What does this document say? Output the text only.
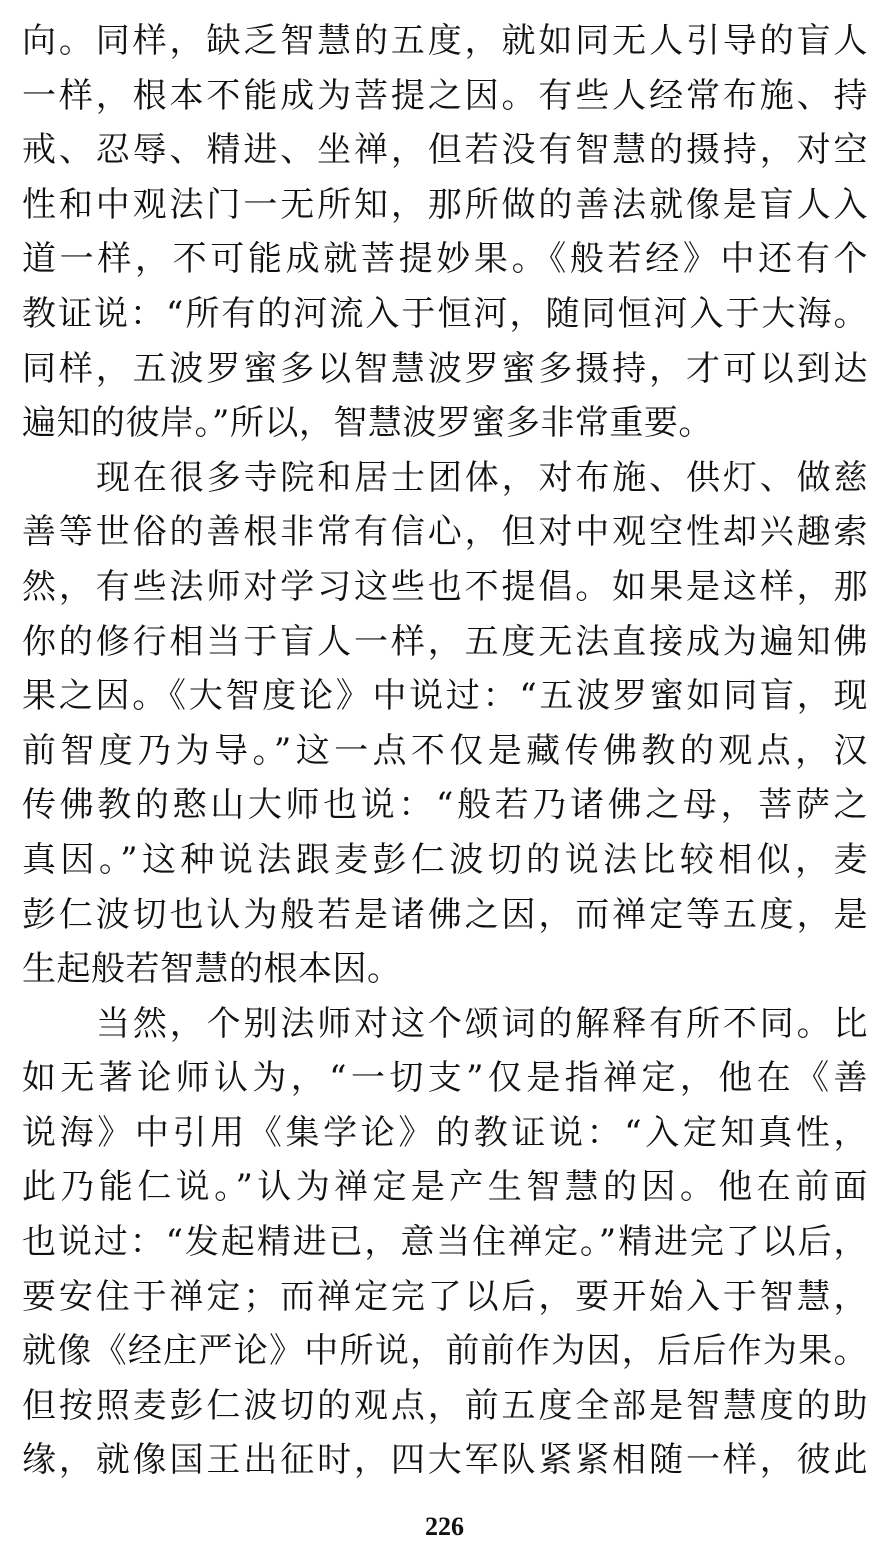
向。同样，缺乏智慧的五度，就如同无人引导的盲人
一样，根本不能成为菩提之因。有些人经常布施、持
戒、忍辱、精进、坐禅，但若没有智慧的摄持，对空
性和中观法门一无所知，那所做的善法就像是盲人入
道一样，不可能成就菩提妙果。《般若经》中还有个
教证说：“所有的河流入于恒河，随同恒河入于大海。
同样，五波罗蜜多以智慧波罗蜜多摄持，才可以到达
遍知的彼岸。”所以，智慧波罗蜜多非常重要。
现在很多寺院和居士团体，对布施、供灯、做慈
善等世俗的善根非常有信心，但对中观空性却兴趣索
然，有些法师对学习这些也不提倡。如果是这样，那
你的修行相当于盲人一样，五度无法直接成为遍知佛
果之因。《大智度论》中说过：“五波罗蜜如同盲，现
前智度乃为导。”这一点不仅是藏传佛教的观点，汉
传佛教的憨山大师也说：“般若乃诸佛之母，菩萨之
真因。”这种说法跟麦彭仁波切的说法比较相似，麦
彭仁波切也认为般若是诸佛之因，而禅定等五度，是
生起般若智慧的根本因。
当然，个别法师对这个颂词的解释有所不同。比
如无著论师认为，“一切支”仅是指禅定，他在《善
说海》中引用《集学论》的教证说：“入定知真性，
此乃能仁说。”认为禅定是产生智慧的因。他在前面
也说过：“发起精进已，意当住禅定。”精进完了以后，
要安住于禅定；而禅定完了以后，要开始入于智慧，
就像《经庄严论》中所说，前前作为因，后后作为果。
但按照麦彭仁波切的观点，前五度全部是智慧度的助
缘，就像国王出征时，四大军队紧紧相随一样，彼此
226
